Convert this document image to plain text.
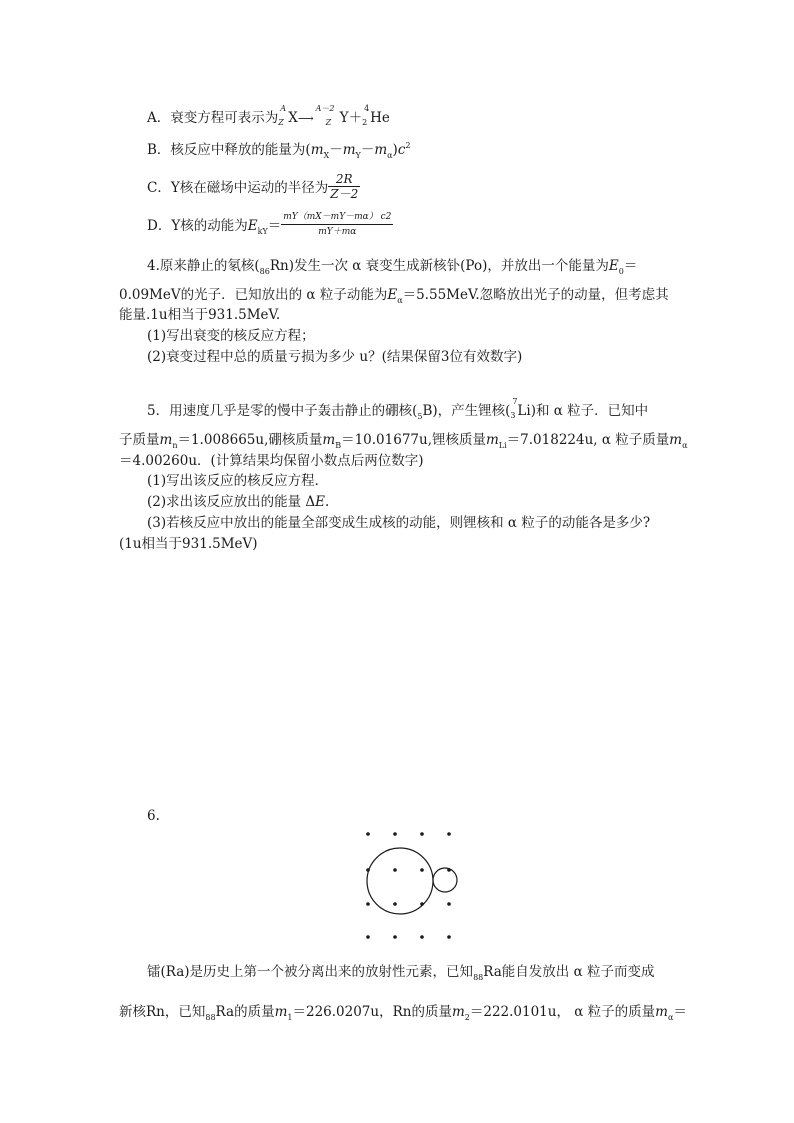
A．衰变方程可表示为
A
Z X⟶
A－2
Z Y＋
4
2 He
B．核反应中释放的能量为$(m_X-m_Y-m_\alpha)c^2$
C．Y核在磁场中运动的半径为 $\frac{2R}{Z-2}$
D．Y核的动能为$E_{kY}= \frac{mY(mX-mY-m\alpha) c2}{mY+m\alpha}$
4.原来静止的氡核$(_{86}Rn)$发生一次 α 衰变生成新核钋(Po)，并放出一个能量为$E_0=$
0.09MeV的光子．已知放出的 α 粒子动能为$E_\alpha=5.55MeV$.忽略放出光子的动量，但考虑其
能量.1u相当于931.5MeV.
(1)写出衰变的核反应方程；
(2)衰变过程中总的质量亏损为多少 u？(结果保留3位有效数字)
5．用速度几乎是零的慢中子轰击静止的硼核$(_5B)$，产生锂核(
7
3 Li)和 α 粒子．已知中
子质量$m_n=1.008665u$,硼核质量$m_B=10.01677u$,锂核质量$m_{Li}=7.018224u$, α 粒子质量$m_\alpha$
＝4.00260u．(计算结果均保留小数点后两位数字)
(1)写出该反应的核反应方程．
(2)求出该反应放出的能量 ΔE.
(3)若核反应中放出的能量全部变成生成核的动能，则锂核和 α 粒子的动能各是多少?
(1u相当于931.5MeV)
6.
镭(Ra)是历史上第一个被分离出来的放射性元素，已知$_{88}$Ra能自发放出 α 粒子而变成
新核Rn，已知$_{88}$Ra的质量$m_1=226.0207u$，Rn的质量$m_2=222.0101u$， α 粒子的质量$m_\alpha=$
